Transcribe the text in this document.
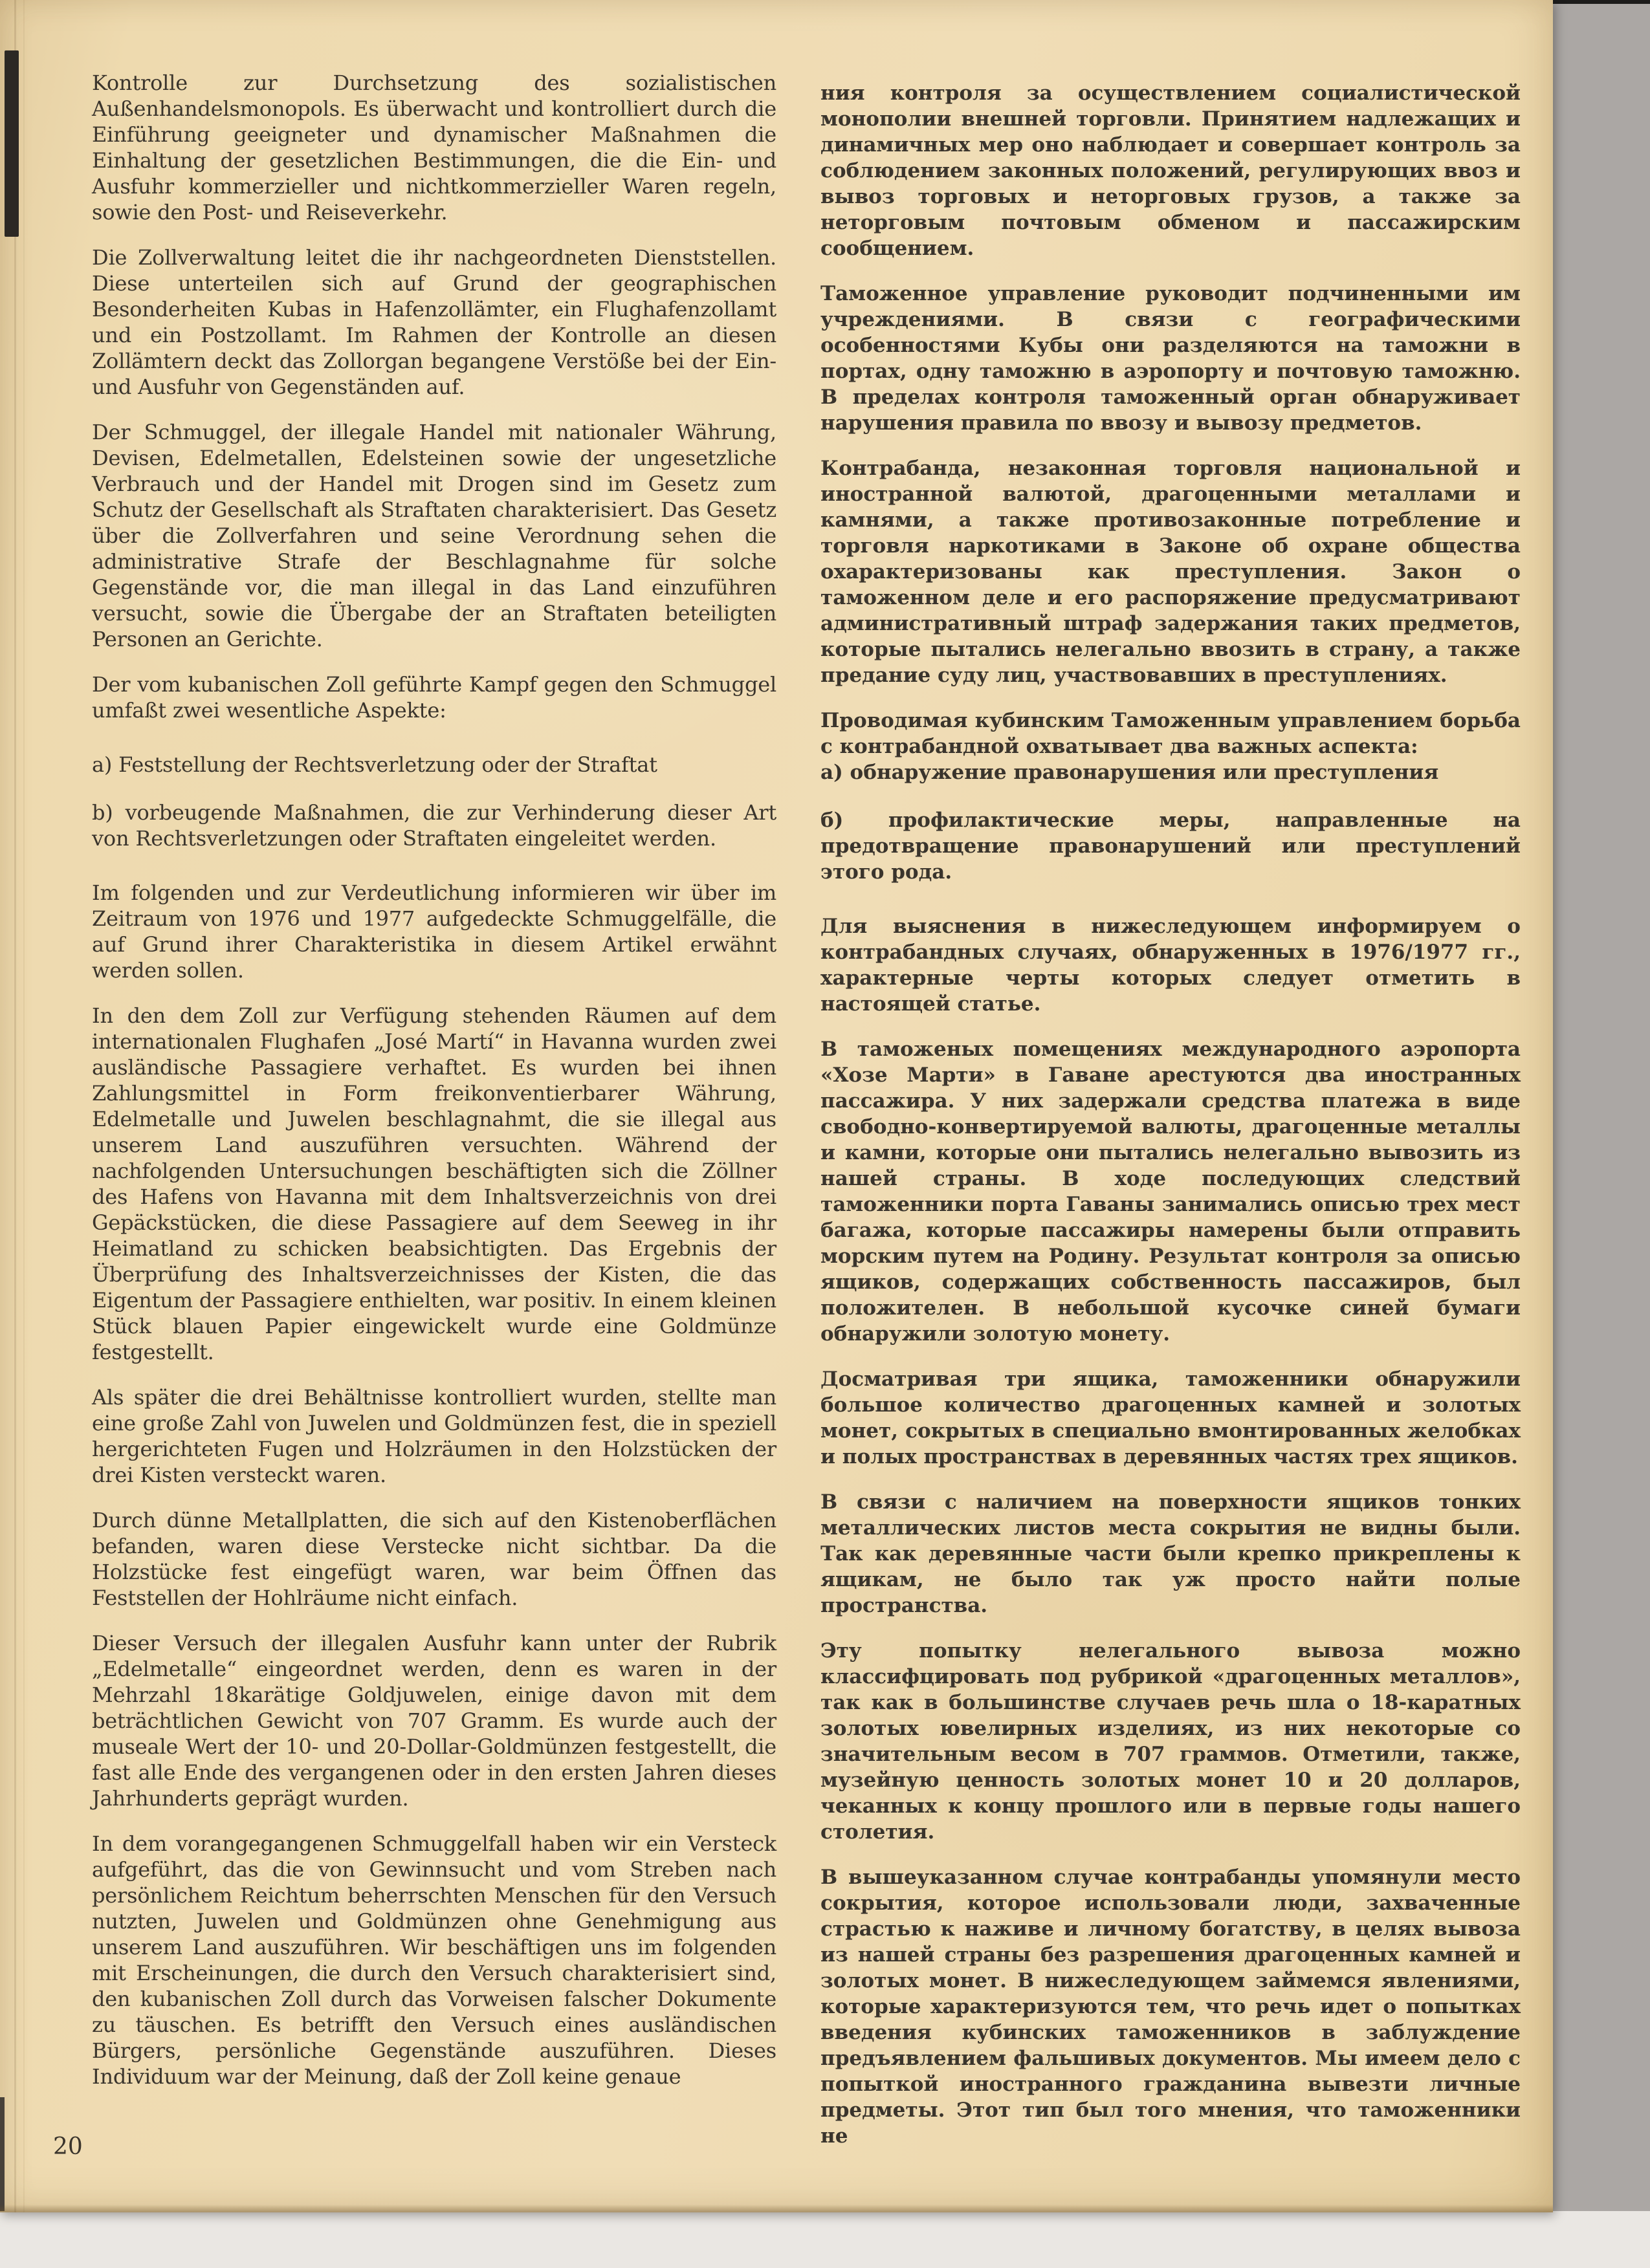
Kontrolle zur Durchsetzung des sozialistischen Außenhandelsmonopols. Es überwacht und kontrolliert durch die Einführung geeigneter und dynamischer Maßnahmen die Einhaltung der gesetzlichen Bestimmungen, die die Ein- und Ausfuhr kommerzieller und nichtkommerzieller Waren regeln, sowie den Post- und Reiseverkehr.

Die Zollverwaltung leitet die ihr nachgeordneten Dienststellen. Diese unterteilen sich auf Grund der geographischen Besonderheiten Kubas in Hafenzollämter, ein Flughafenzollamt und ein Postzollamt. Im Rahmen der Kontrolle an diesen Zollämtern deckt das Zollorgan begangene Verstöße bei der Ein- und Ausfuhr von Gegenständen auf.

Der Schmuggel, der illegale Handel mit nationaler Währung, Devisen, Edelmetallen, Edelsteinen sowie der ungesetzliche Verbrauch und der Handel mit Drogen sind im Gesetz zum Schutz der Gesellschaft als Straftaten charakterisiert. Das Gesetz über die Zollverfahren und seine Verordnung sehen die administrative Strafe der Beschlagnahme für solche Gegenstände vor, die man illegal in das Land einzuführen versucht, sowie die Übergabe der an Straftaten beteiligten Personen an Gerichte.

Der vom kubanischen Zoll geführte Kampf gegen den Schmuggel umfaßt zwei wesentliche Aspekte:

a) Feststellung der Rechtsverletzung oder der Straftat

b) vorbeugende Maßnahmen, die zur Verhinderung dieser Art von Rechtsverletzungen oder Straftaten eingeleitet werden.

Im folgenden und zur Verdeutlichung informieren wir über im Zeitraum von 1976 und 1977 aufgedeckte Schmuggelfälle, die auf Grund ihrer Charakteristika in diesem Artikel erwähnt werden sollen.

In den dem Zoll zur Verfügung stehenden Räumen auf dem internationalen Flughafen „José Martí“ in Havanna wurden zwei ausländische Passagiere verhaftet. Es wurden bei ihnen Zahlungsmittel in Form freikonventierbarer Währung, Edelmetalle und Juwelen beschlagnahmt, die sie illegal aus unserem Land auszuführen versuchten. Während der nachfolgenden Untersuchungen beschäftigten sich die Zöllner des Hafens von Havanna mit dem Inhaltsverzeichnis von drei Gepäckstücken, die diese Passagiere auf dem Seeweg in ihr Heimatland zu schicken beabsichtigten. Das Ergebnis der Überprüfung des Inhaltsverzeichnisses der Kisten, die das Eigentum der Passagiere enthielten, war positiv. In einem kleinen Stück blauen Papier eingewickelt wurde eine Goldmünze festgestellt.

Als später die drei Behältnisse kontrolliert wurden, stellte man eine große Zahl von Juwelen und Goldmünzen fest, die in speziell hergerichteten Fugen und Holzräumen in den Holzstücken der drei Kisten versteckt waren.

Durch dünne Metallplatten, die sich auf den Kistenoberflächen befanden, waren diese Verstecke nicht sichtbar. Da die Holzstücke fest eingefügt waren, war beim Öffnen das Feststellen der Hohlräume nicht einfach.

Dieser Versuch der illegalen Ausfuhr kann unter der Rubrik „Edelmetalle“ eingeordnet werden, denn es waren in der Mehrzahl 18karätige Goldjuwelen, einige davon mit dem beträchtlichen Gewicht von 707 Gramm. Es wurde auch der museale Wert der 10- und 20-Dollar-Goldmünzen festgestellt, die fast alle Ende des vergangenen oder in den ersten Jahren dieses Jahrhunderts geprägt wurden.

In dem vorangegangenen Schmuggelfall haben wir ein Versteck aufgeführt, das die von Gewinnsucht und vom Streben nach persönlichem Reichtum beherrschten Menschen für den Versuch nutzten, Juwelen und Goldmünzen ohne Genehmigung aus unserem Land auszuführen. Wir beschäftigen uns im folgenden mit Erscheinungen, die durch den Versuch charakterisiert sind, den kubanischen Zoll durch das Vorweisen falscher Dokumente zu täuschen. Es betrifft den Versuch eines ausländischen Bürgers, persönliche Gegenstände auszuführen. Dieses Individuum war der Meinung, daß der Zoll keine genaue

ния контроля за осуществлением социалистической монополии внешней торговли. Принятием надлежащих и динамичных мер оно наблюдает и совершает контроль за соблюдением законных положений, регулирующих ввоз и вывоз торговых и неторговых грузов, а также за неторговым почтовым обменом и пассажирским сообщением.

Таможенное управление руководит подчиненными им учреждениями. В связи с географическими особенностями Кубы они разделяются на таможни в портах, одну таможню в аэропорту и почтовую таможню. В пределах контроля таможенный орган обнаруживает нарушения правила по ввозу и вывозу предметов.

Контрабанда, незаконная торговля национальной и иностранной валютой, драгоценными металлами и камнями, а также противозаконные потребление и торговля наркотиками в Законе об охране общества охарактеризованы как преступления. Закон о таможенном деле и его распоряжение предусматривают административный штраф задержания таких предметов, которые пытались нелегально ввозить в страну, а также предание суду лиц, участвовавших в преступлениях.

Проводимая кубинским Таможенным управлением борьба с контрабандной охватывает два важных аспекта:

а) обнаружение правонарушения или преступления

б) профилактические меры, направленные на предотвращение правонарушений или преступлений этого рода.

Для выяснения в нижеследующем информируем о контрабандных случаях, обнаруженных в 1976/1977 гг., характерные черты которых следует отметить в настоящей статье.

В таможеных помещениях международного аэропорта «Хозе Марти» в Гаване арестуются два иностранных пассажира. У них задержали средства платежа в виде свободно-конвертируемой валюты, драгоценные металлы и камни, которые они пытались нелегально вывозить из нашей страны. В ходе последующих следствий таможенники порта Гаваны занимались описью трех мест багажа, которые пассажиры намерены были отправить морским путем на Родину. Результат контроля за описью ящиков, содержащих собственность пассажиров, был положителен. В небольшой кусочке синей бумаги обнаружили золотую монету.

Досматривая три ящика, таможенники обнаружили большое количество драгоценных камней и золотых монет, сокрытых в специально вмонтированных желобках и полых пространствах в деревянных частях трех ящиков.

В связи с наличием на поверхности ящиков тонких металлических листов места сокрытия не видны были. Так как деревянные части были крепко прикреплены к ящикам, не было так уж просто найти полые пространства.

Эту попытку нелегального вывоза можно классифцировать под рубрикой «драгоценных металлов», так как в большинстве случаев речь шла о 18-каратных золотых ювелирных изделиях, из них некоторые со значительным весом в 707 граммов. Отметили, также, музейную ценность золотых монет 10 и 20 долларов, чеканных к концу прошлого или в первые годы нашего столетия.

В вышеуказанном случае контрабанды упомянули место сокрытия, которое использовали люди, захваченные страстью к наживе и личному богатству, в целях вывоза из нашей страны без разрешения драгоценных камней и золотых монет. В нижеследующем займемся явлениями, которые характеризуются тем, что речь идет о попытках введения кубинских таможенников в заблуждение предъявлением фальшивых документов. Мы имеем дело с попыткой иностранного гражданина вывезти личные предметы. Этот тип был того мнения, что таможенники не

20
